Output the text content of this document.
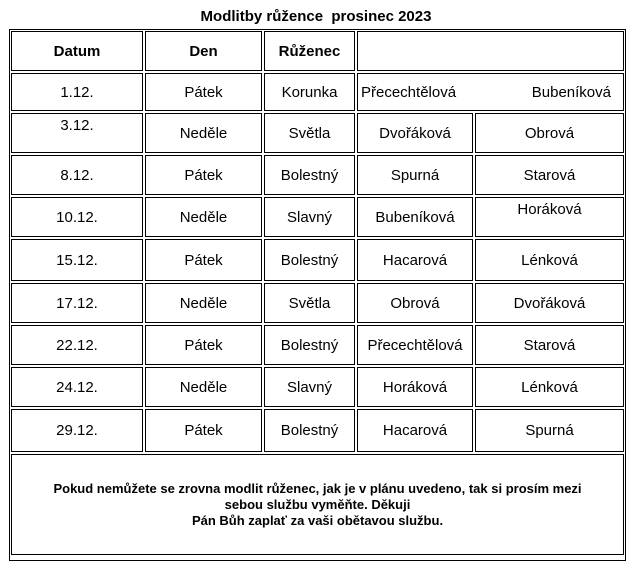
Modlitby růžence  prosinec 2023
Datum	Den	Růženec
1.12.	Pátek	Korunka	Přecechtělová	Bubeníková
3.12.	Neděle	Světla	Dvořáková	Obrová
8.12.	Pátek	Bolestný	Spurná	Starová
10.12.	Neděle	Slavný	Bubeníková	Horáková
15.12.	Pátek	Bolestný	Hacarová	Lénková
17.12.	Neděle	Světla	Obrová	Dvořáková
22.12.	Pátek	Bolestný	Přecechtělová	Starová
24.12.	Neděle	Slavný	Horáková	Lénková
29.12.	Pátek	Bolestný	Hacarová	Spurná
Pokud nemůžete se zrovna modlit růženec, jak je v plánu uvedeno, tak si prosím mezi
sebou službu vyměňte. Děkuji
Pán Bůh zaplať za vaši obětavou službu.
